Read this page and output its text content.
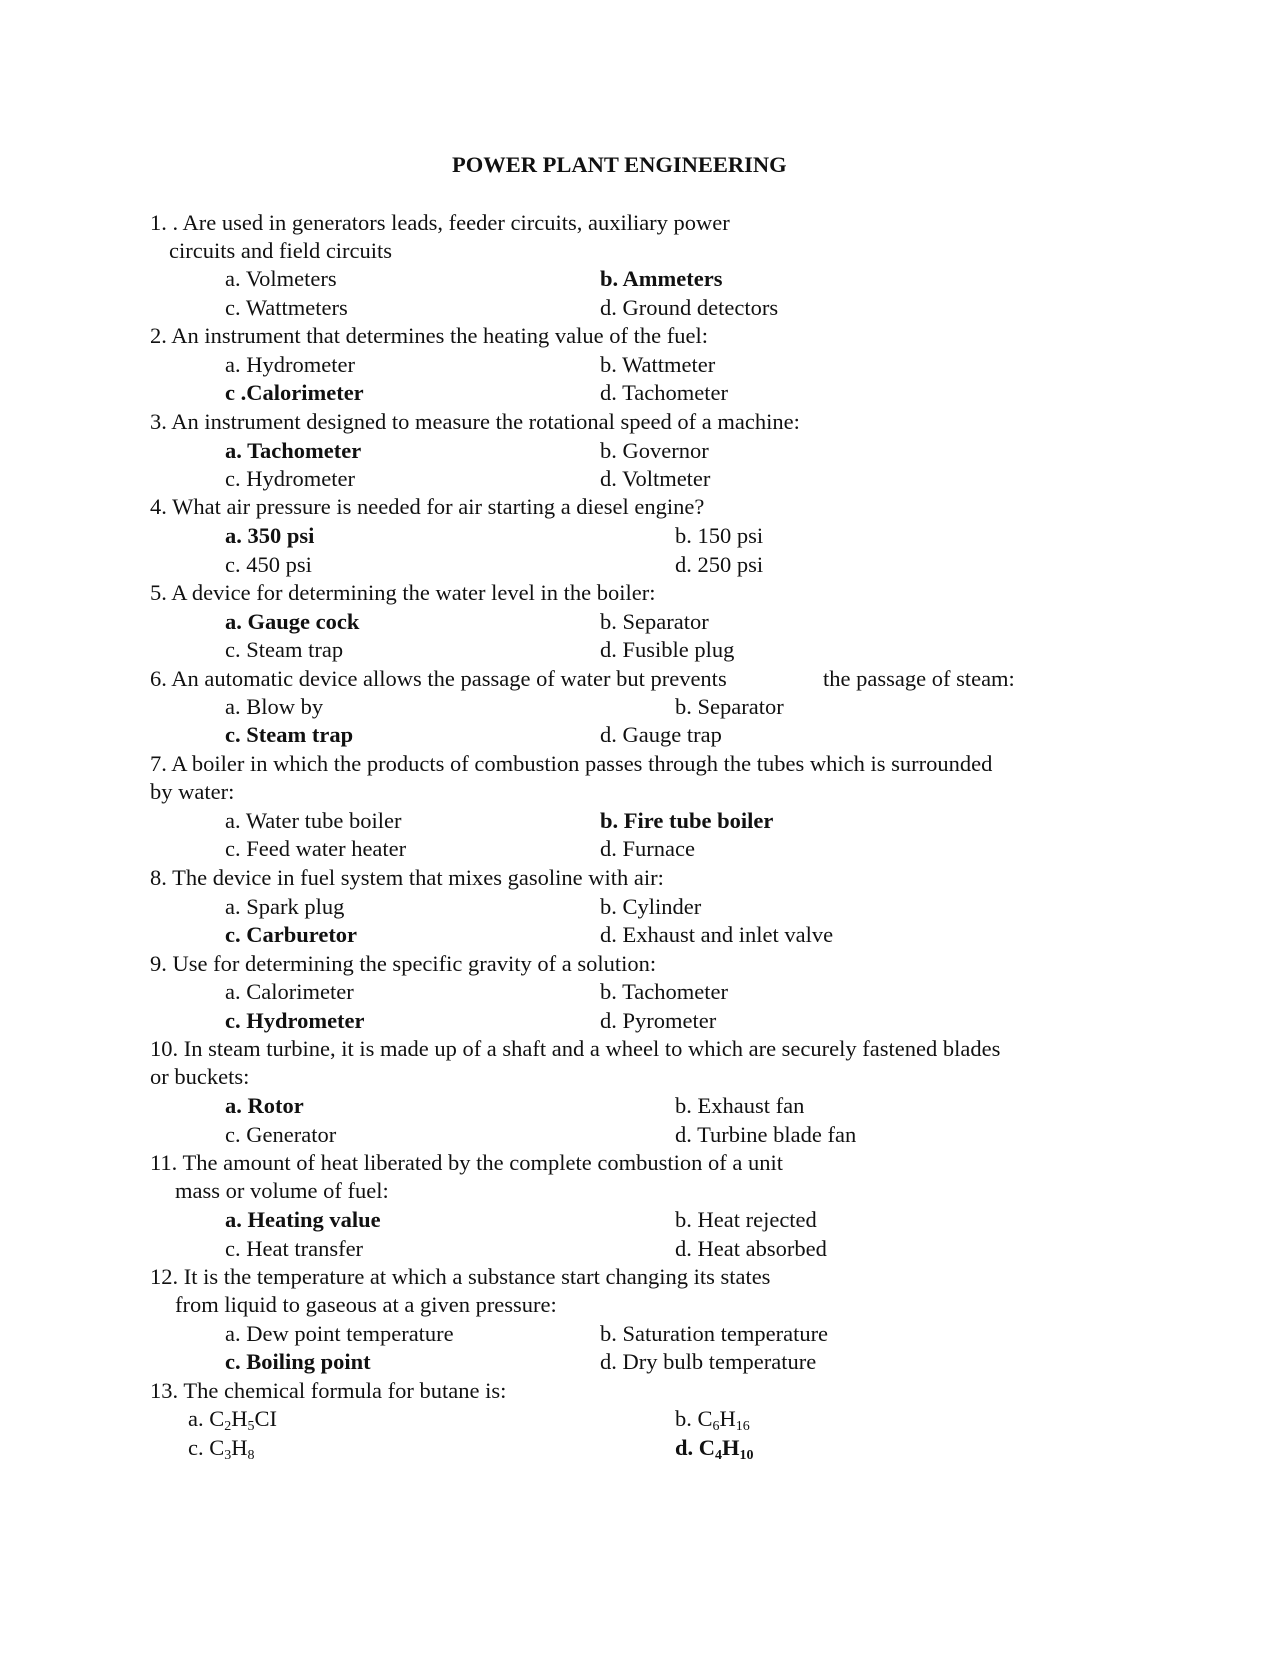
POWER PLANT ENGINEERING
1. . Are used in generators leads, feeder circuits, auxiliary power
circuits and field circuits
a. Volmeters	b. Ammeters
c. Wattmeters	d. Ground detectors
2. An instrument that determines the heating value of the fuel:
a. Hydrometer	b. Wattmeter
c .Calorimeter	d. Tachometer
3. An instrument designed to measure the rotational speed of a machine:
a. Tachometer	b. Governor
c. Hydrometer	d. Voltmeter
4. What air pressure is needed for air starting a diesel engine?
a. 350 psi	b. 150 psi
c. 450 psi	d. 250 psi
5. A device for determining the water level in the boiler:
a. Gauge cock	b. Separator
c. Steam trap	d. Fusible plug
6. An automatic device allows the passage of water but prevents	the passage of steam:
a. Blow by	b. Separator
c. Steam trap	d. Gauge trap
7. A boiler in which the products of combustion passes through the tubes which is surrounded
by water:
a. Water tube boiler	b. Fire tube boiler
c. Feed water heater	d. Furnace
8. The device in fuel system that mixes gasoline with air:
a. Spark plug	b. Cylinder
c. Carburetor	d. Exhaust and inlet valve
9. Use for determining the specific gravity of a solution:
a. Calorimeter	b. Tachometer
c. Hydrometer	d. Pyrometer
10. In steam turbine, it is made up of a shaft and a wheel to which are securely fastened blades
or buckets:
a. Rotor	b. Exhaust fan
c. Generator	d. Turbine blade fan
11. The amount of heat liberated by the complete combustion of a unit
mass or volume of fuel:
a. Heating value	b. Heat rejected
c. Heat transfer	d. Heat absorbed
12. It is the temperature at which a substance start changing its states
from liquid to gaseous at a given pressure:
a. Dew point temperature	b. Saturation temperature
c. Boiling point	d. Dry bulb temperature
13. The chemical formula for butane is:
a. $C_2H_5CI$	b. $C_6H_{16}$
c. $C_3H_8$	d. $C_4H_{10}$
